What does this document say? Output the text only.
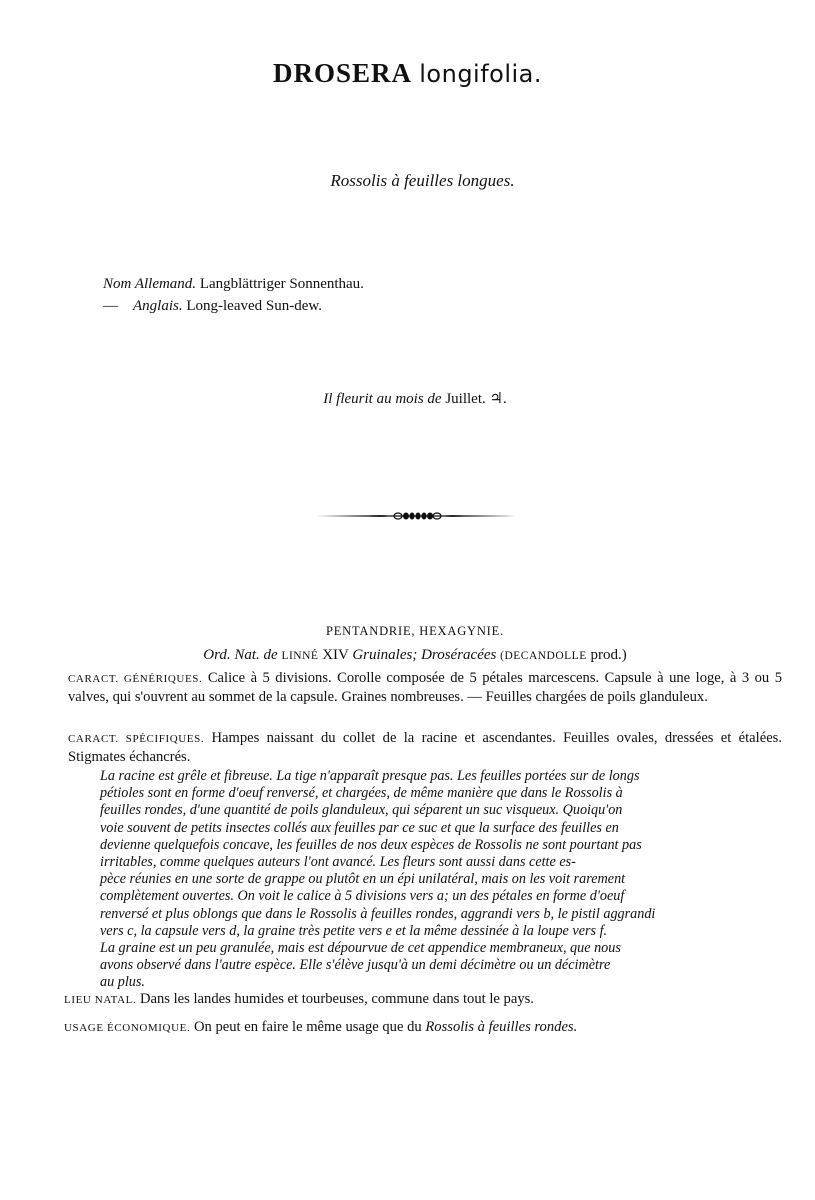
DROSERA longifolia.
Rossolis à feuilles longues.
Nom Allemand. Langblättriger Sonnenthau.
— Anglais. Long-leaved Sun-dew.
Il fleurit au mois de Juillet. ♃.
PENTANDRIE, HEXAGYNIE.
Ord. Nat. de LINNÉ XIV Gruinales; Droséracées (DECANDOLLE prod.)
CARACT. GÉNÉRIQUES. Calice à 5 divisions. Corolle composée de 5 pétales marcescens. Capsule à une loge, à 3 ou 5 valves, qui s'ouvrent au sommet de la capsule. Graines nombreuses. — Feuilles chargées de poils glanduleux.
CARACT. SPÉCIFIQUES. Hampes naissant du collet de la racine et ascendantes. Feuilles ovales, dressées et étalées. Stigmates échancrés.
La racine est grêle et fibreuse. La tige n'apparaît presque pas. Les feuilles portées sur de longs
pétioles sont en forme d'oeuf renversé, et chargées, de même manière que dans le Rossolis à
feuilles rondes, d'une quantité de poils glanduleux, qui séparent un suc visqueux. Quoiqu'on
voie souvent de petits insectes collés aux feuilles par ce suc et que la surface des feuilles en
devienne quelquefois concave, les feuilles de nos deux espèces de Rossolis ne sont pourtant pas
irritables, comme quelques auteurs l'ont avancé. Les fleurs sont aussi dans cette es-
pèce réunies en une sorte de grappe ou plutôt en un épi unilatéral, mais on les voit rarement
complètement ouvertes. On voit le calice à 5 divisions vers a; un des pétales en forme d'oeuf
renversé et plus oblongs que dans le Rossolis à feuilles rondes, aggrandi vers b, le pistil aggrandi
vers c, la capsule vers d, la graine très petite vers e et la même dessinée à la loupe vers f.
La graine est un peu granulée, mais est dépourvue de cet appendice membraneux, que nous
avons observé dans l'autre espèce. Elle s'élève jusqu'à un demi décimètre ou un décimètre
au plus.
LIEU NATAL. Dans les landes humides et tourbeuses, commune dans tout le pays.
USAGE ÉCONOMIQUE. On peut en faire le même usage que du Rossolis à feuilles rondes.
